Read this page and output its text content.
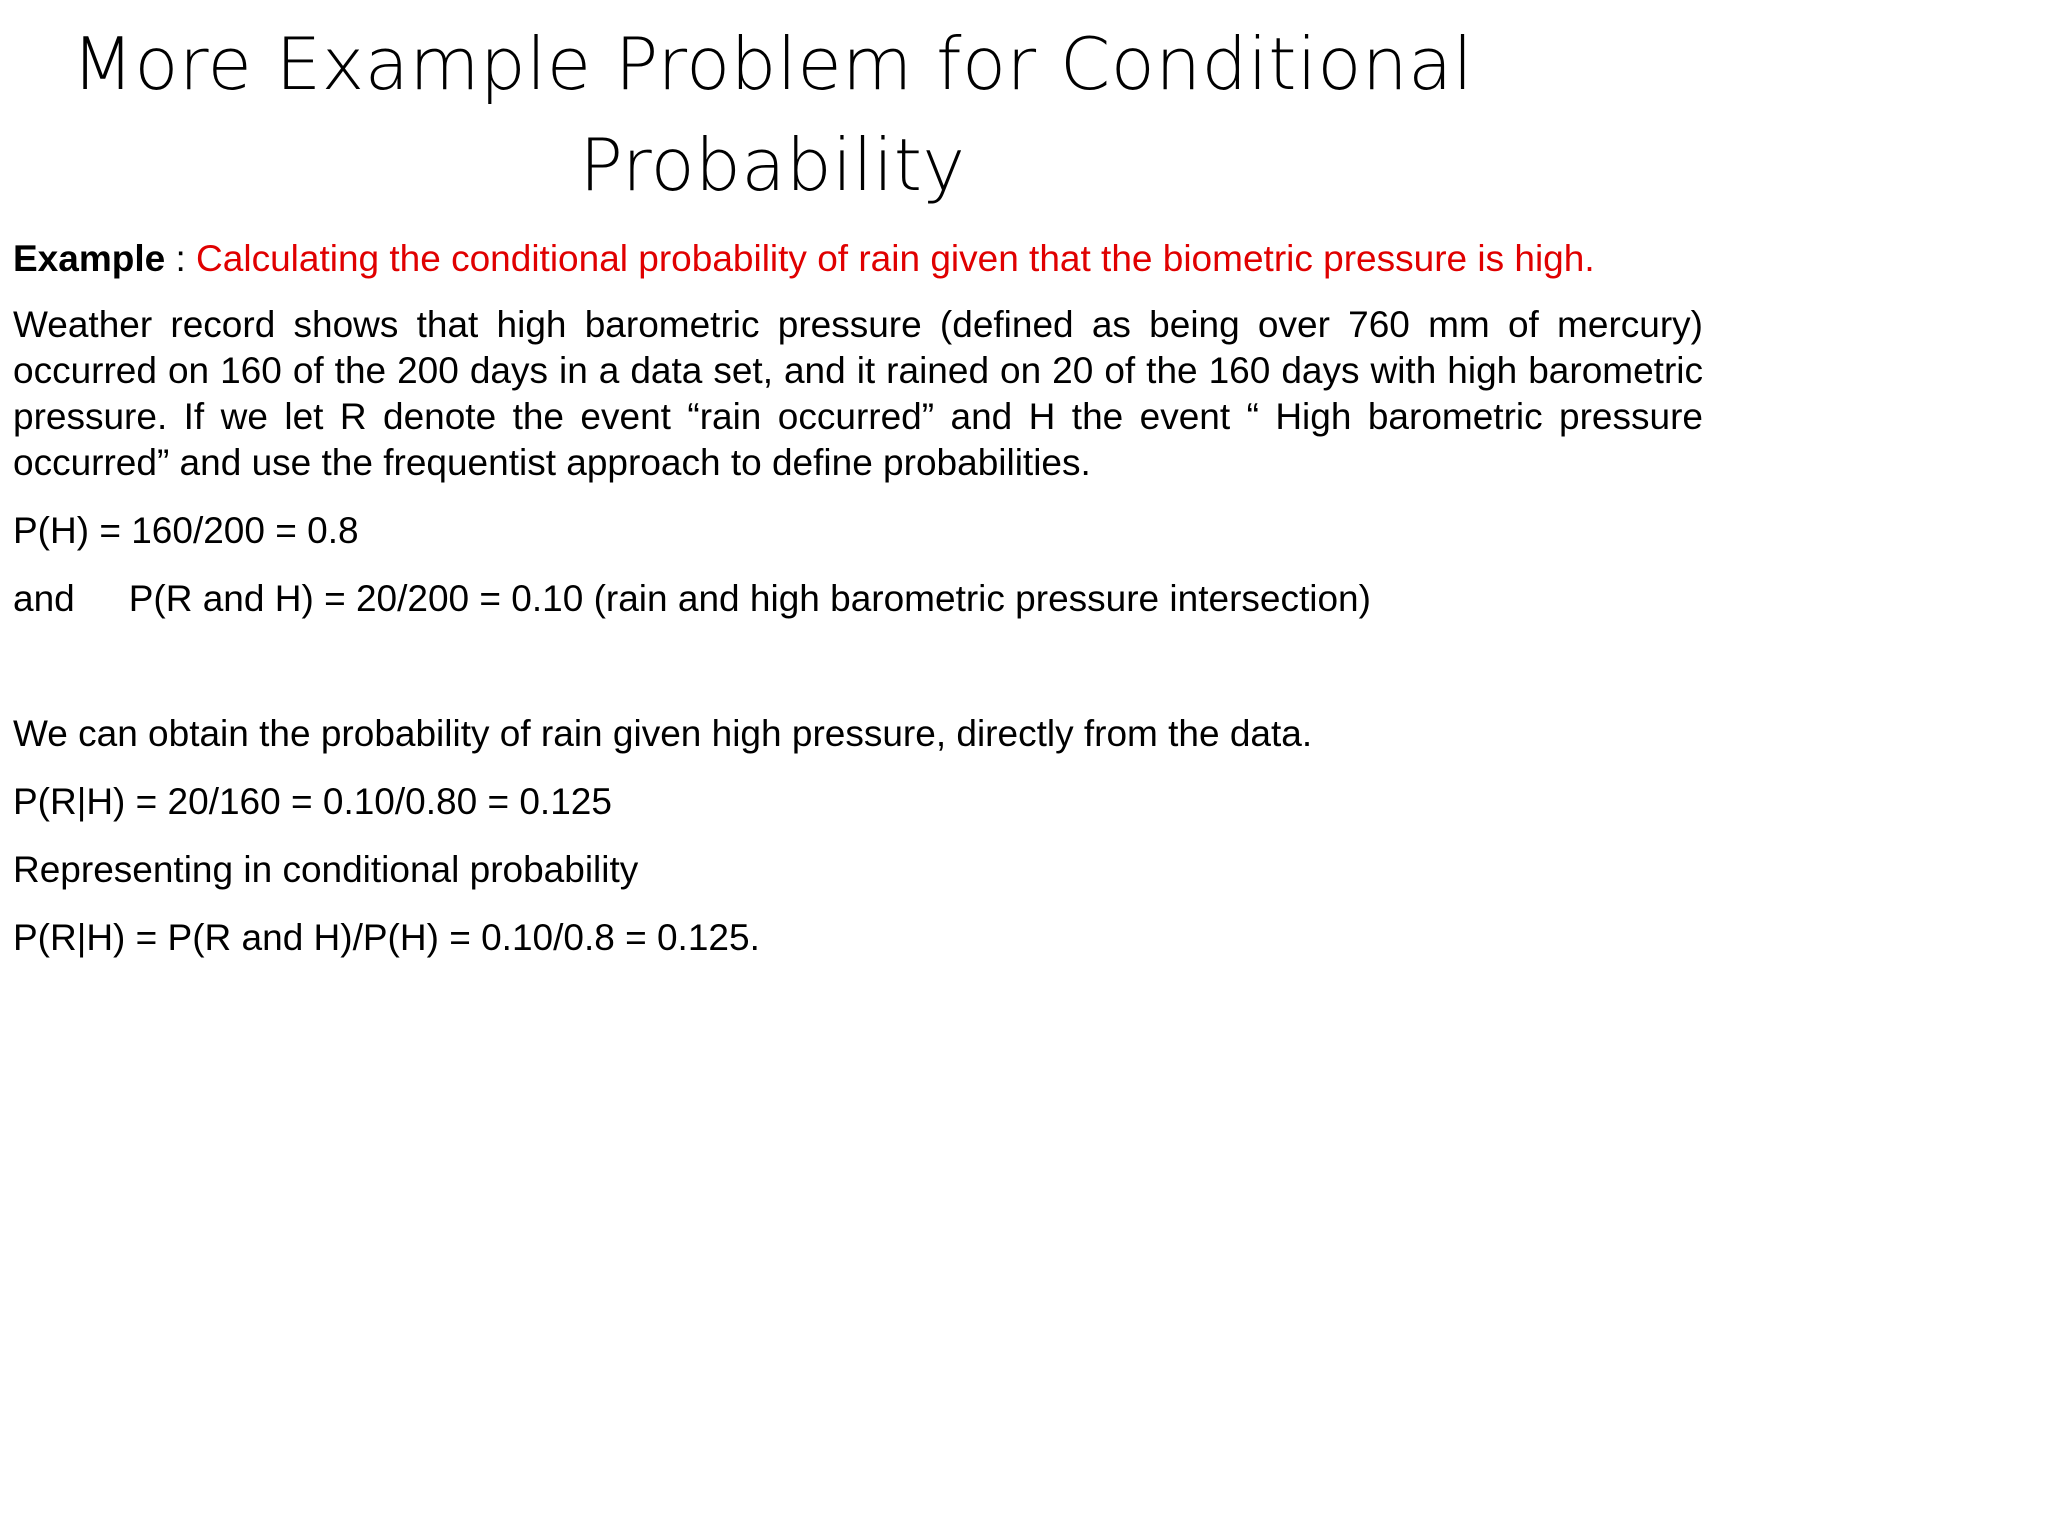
More Example Problem for Conditional
Probability

Example : Calculating the conditional probability of rain given that the biometric pressure is high.

Weather record shows that high barometric pressure (defined as being over 760 mm of mercury) occurred on 160 of the 200 days in a data set, and it rained on 20 of the 160 days with high barometric pressure. If we let R denote the event “rain occurred” and H the event “ High barometric pressure occurred” and use the frequentist approach to define probabilities.

P(H) = 160/200 = 0.8

and P(R and H) = 20/200 = 0.10 (rain and high barometric pressure intersection)

We can obtain the probability of rain given high pressure, directly from the data.

P(R|H) = 20/160 = 0.10/0.80 = 0.125

Representing in conditional probability

P(R|H) = P(R and H)/P(H) = 0.10/0.8 = 0.125.
